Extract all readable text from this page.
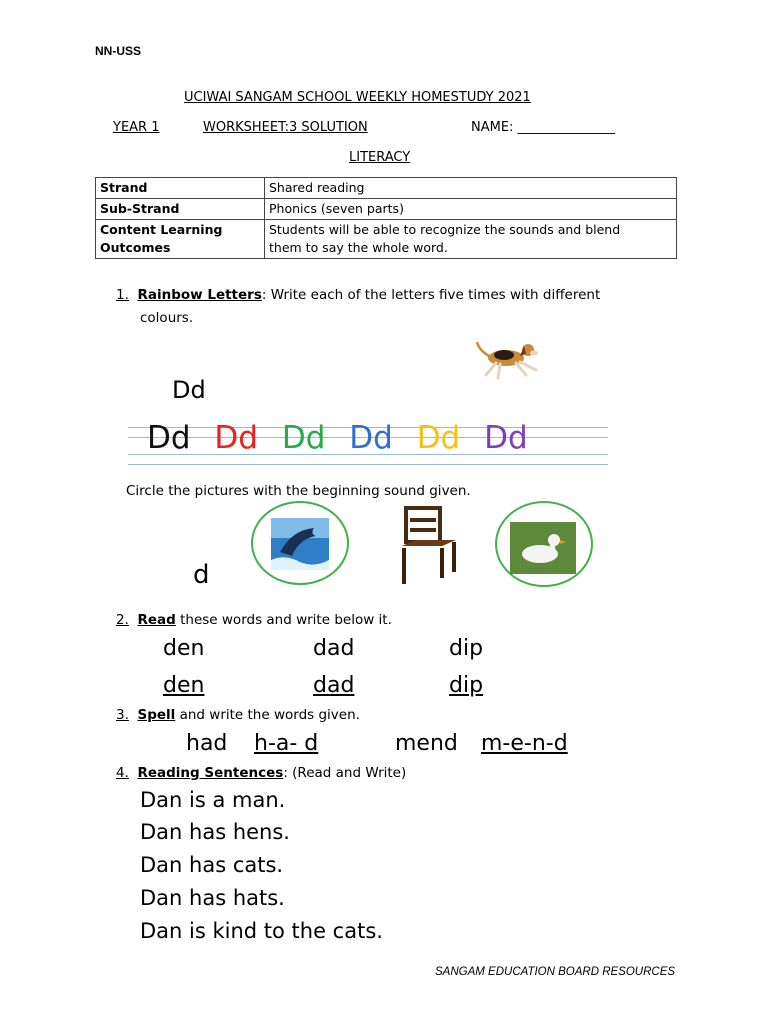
NN-USS
UCIWAI SANGAM SCHOOL WEEKLY HOMESTUDY 2021
YEAR 1	WORKSHEET:3 SOLUTION	NAME: _______________
LITERACY
Strand	Shared reading
Sub-Strand	Phonics (seven parts)
Content Learning
Outcomes	Students will be able to recognize the sounds and blend
them to say the whole word.
1. Rainbow Letters: Write each of the letters five times with different
colours.
Dd
Dd Dd Dd Dd Dd Dd
Circle the pictures with the beginning sound given.
d
2. Read these words and write below it.
den	dad	dip
den	dad	dip
3. Spell and write the words given.
had h-a- d	mend m-e-n-d
4. Reading Sentences: (Read and Write)
Dan is a man.
Dan has hens.
Dan has cats.
Dan has hats.
Dan is kind to the cats.
SANGAM EDUCATION BOARD RESOURCES
